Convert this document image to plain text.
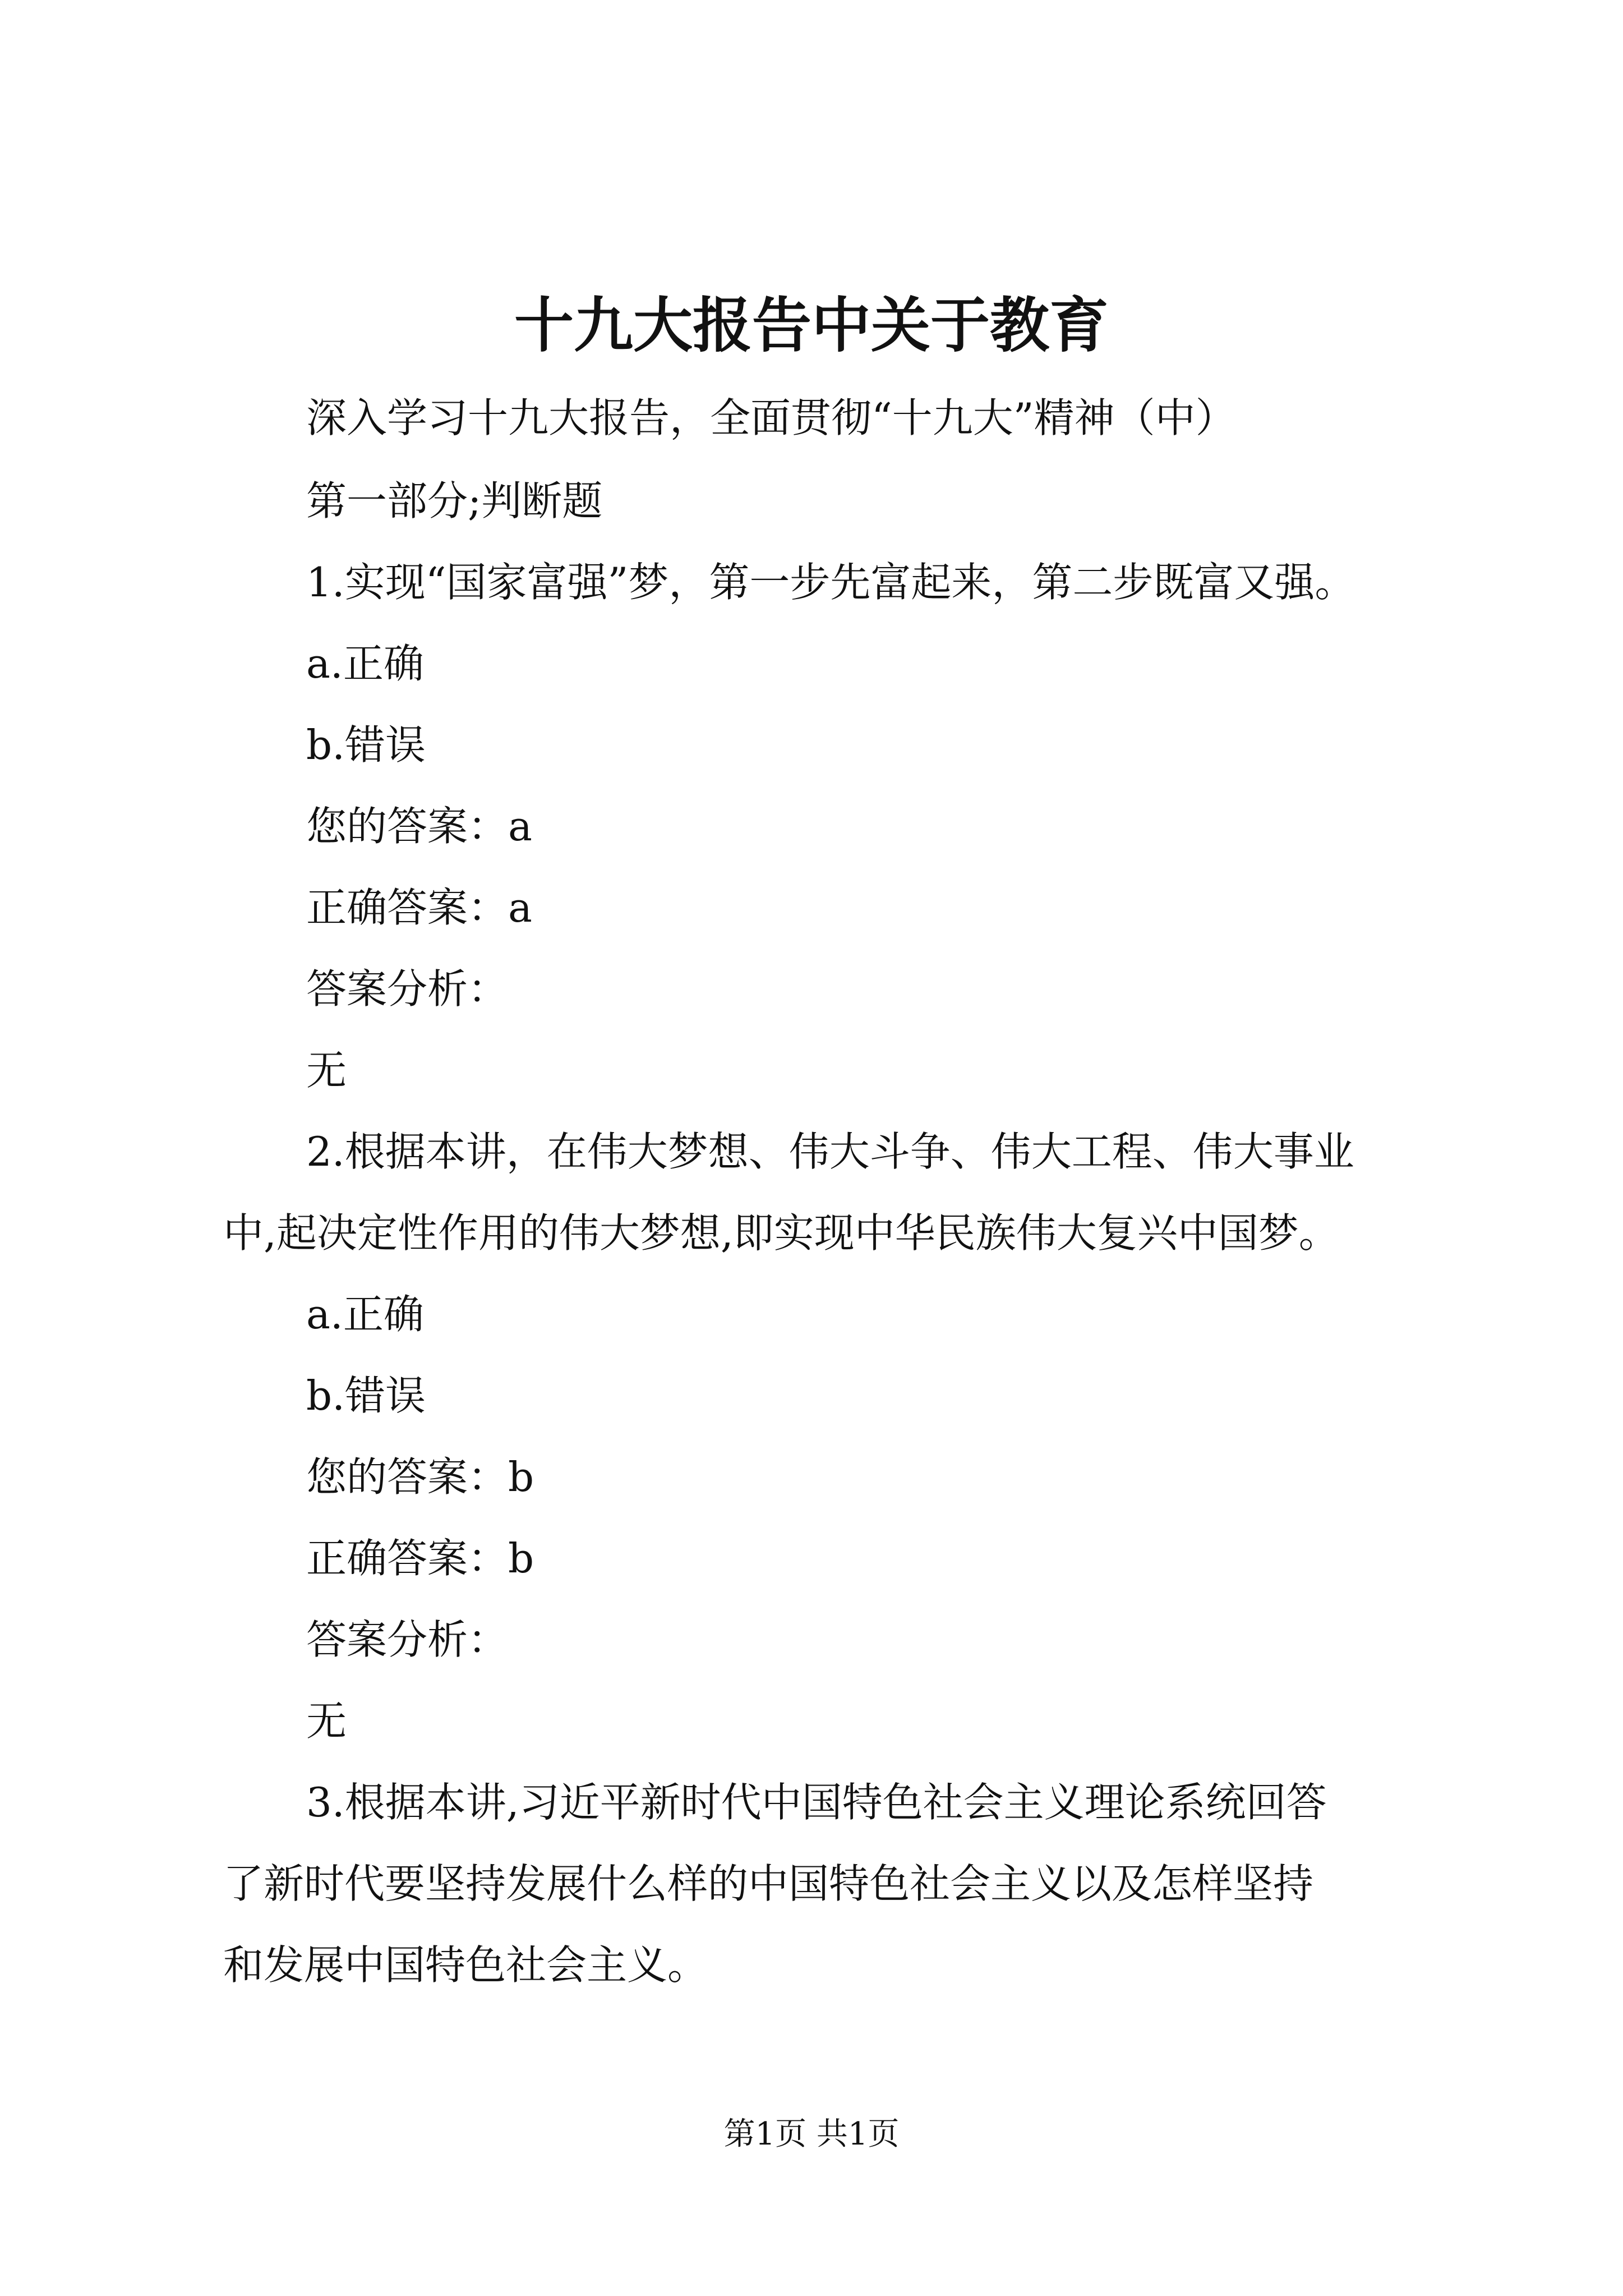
十九大报告中关于教育

深入学习十九大报告，全面贯彻“十九大”精神（中）

第一部分;判断题

1.实现“国家富强”梦，第一步先富起来，第二步既富又强。

a.正确

b.错误

您的答案：a

正确答案：a

答案分析：

无

2.根据本讲，在伟大梦想、伟大斗争、伟大工程、伟大事业

中,起决定性作用的伟大梦想,即实现中华民族伟大复兴中国梦。

a.正确

b.错误

您的答案：b

正确答案：b

答案分析：

无

3.根据本讲,习近平新时代中国特色社会主义理论系统回答

了新时代要坚持发展什么样的中国特色社会主义以及怎样坚持

和发展中国特色社会主义。

第1页 共1页
